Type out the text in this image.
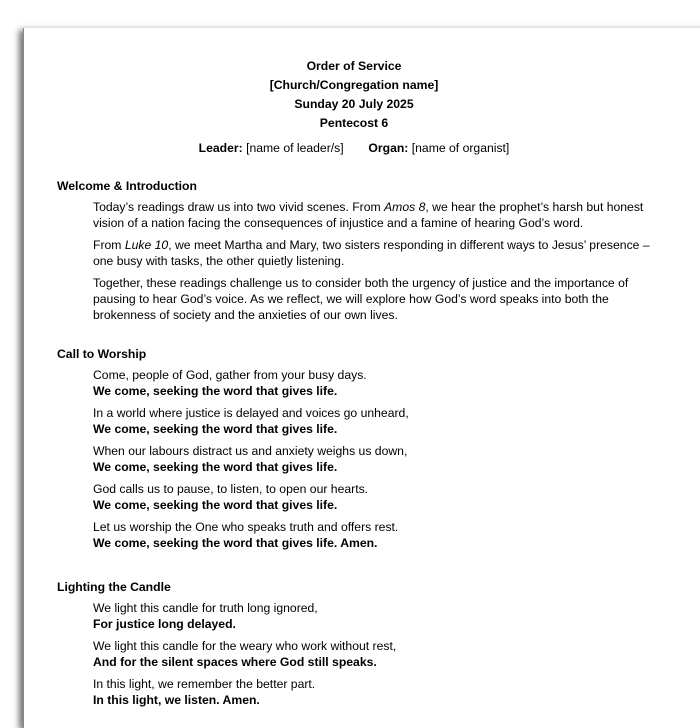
Order of Service
[Church/Congregation name]
Sunday 20 July 2025
Pentecost 6
Leader: [name of leader/s] Organ: [name of organist]
Welcome & Introduction
Today’s readings draw us into two vivid scenes. From Amos 8, we hear the prophet’s harsh but honest vision of a nation facing the consequences of injustice and a famine of hearing God’s word.
From Luke 10, we meet Martha and Mary, two sisters responding in different ways to Jesus’ presence – one busy with tasks, the other quietly listening.
Together, these readings challenge us to consider both the urgency of justice and the importance of pausing to hear God’s voice. As we reflect, we will explore how God’s word speaks into both the brokenness of society and the anxieties of our own lives.
Call to Worship
Come, people of God, gather from your busy days.
We come, seeking the word that gives life.
In a world where justice is delayed and voices go unheard,
We come, seeking the word that gives life.
When our labours distract us and anxiety weighs us down,
We come, seeking the word that gives life.
God calls us to pause, to listen, to open our hearts.
We come, seeking the word that gives life.
Let us worship the One who speaks truth and offers rest.
We come, seeking the word that gives life. Amen.
Lighting the Candle
We light this candle for truth long ignored,
For justice long delayed.
We light this candle for the weary who work without rest,
And for the silent spaces where God still speaks.
In this light, we remember the better part.
In this light, we listen. Amen.
